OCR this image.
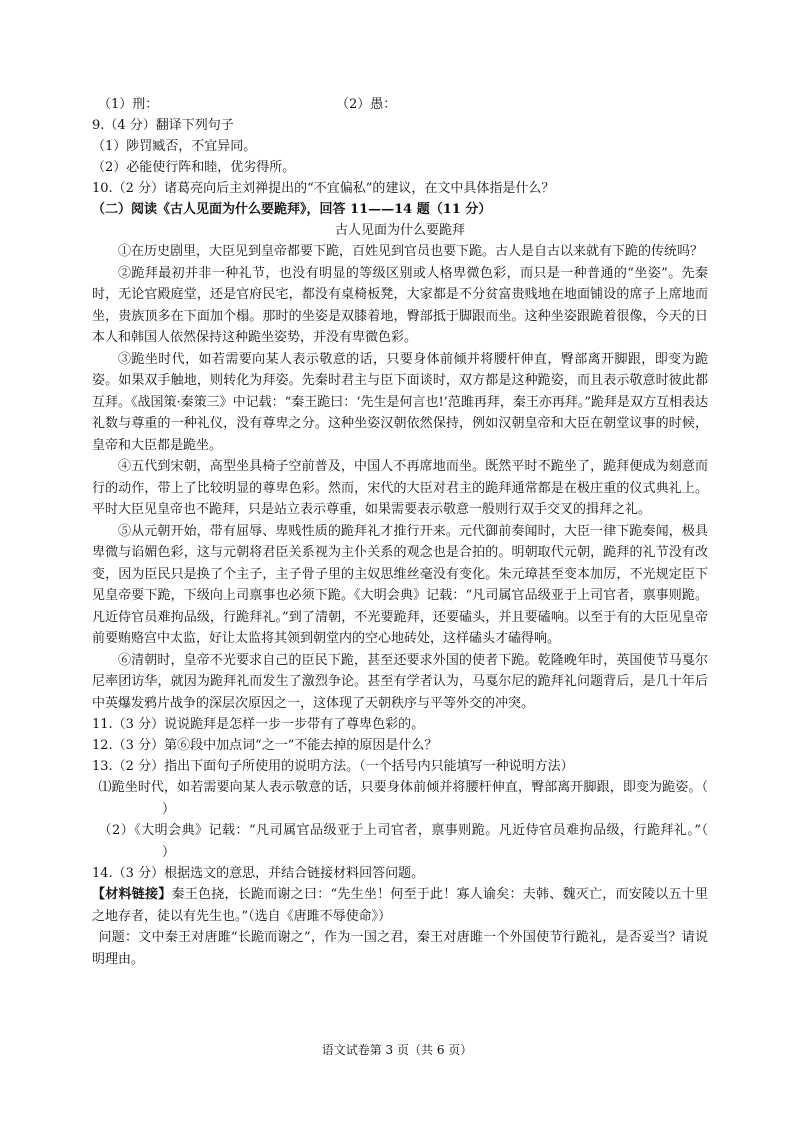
（1）刑：	（2）愚：
9.（4 分）翻译下列句子
（1）陟罚臧否，不宜异同。
（2）必能使行阵和睦，优劣得所。
10.（2 分）诸葛亮向后主刘禅提出的“不宜偏私”的建议，在文中具体指是什么？
（二）阅读《古人见面为什么要跪拜》，回答 11——14 题（11 分）
古人见面为什么要跪拜
①在历史剧里，大臣见到皇帝都要下跪，百姓见到官员也要下跪。古人是自古以来就有下跪的传统吗？
②跪拜最初并非一种礼节，也没有明显的等级区别或人格卑微色彩，而只是一种普通的“坐姿”。先秦时，无论官殿庭堂，还是官府民宅，都没有桌椅板凳，大家都是不分贫富贵贱地在地面铺设的席子上席地而坐，贵族顶多在下面加个榻。那时的坐姿是双膝着地，臀部抵于脚跟而坐。这种坐姿跟跪着很像，今天的日本人和韩国人依然保持这种跪坐姿势，并没有卑微色彩。
③跪坐时代，如若需要向某人表示敬意的话，只要身体前倾并将腰杆伸直，臀部离开脚跟，即变为跪姿。如果双手触地，则转化为拜姿。先秦时君主与臣下面谈时，双方都是这种跪姿，而且表示敬意时彼此都互拜。《战国策·秦策三》中记载：“秦王跪曰：‘先生是何言也!’范雎再拜，秦王亦再拜。”跪拜是双方互相表达礼数与尊重的一种礼仪，没有尊卑之分。这种坐姿汉朝依然保持，例如汉朝皇帝和大臣在朝堂议事的时候，皇帝和大臣都是跪坐。
④五代到宋朝，高型坐具椅子空前普及，中国人不再席地而坐。既然平时不跪坐了，跪拜便成为刻意而行的动作，带上了比较明显的尊卑色彩。然而，宋代的大臣对君主的跪拜通常都是在极庄重的仪式典礼上。平时大臣见皇帝也不跪拜，只是站立表示尊重，如果需要表示敬意一般则行双手交叉的揖拜之礼。
⑤从元朝开始，带有屈辱、卑贱性质的跪拜礼才推行开来。元代御前奏闻时，大臣一律下跪奏闻，极具卑微与谄媚色彩，这与元朝将君臣关系视为主仆关系的观念也是合拍的。明朝取代元朝，跪拜的礼节没有改变，因为臣民只是换了个主子，主子骨子里的主奴思维丝毫没有变化。朱元璋甚至变本加厉，不光规定臣下见皇帝要下跪，下级向上司禀事也必须下跪。《大明会典》记载：“凡司属官品级亚于上司官者，禀事则跪。凡近侍官员难拘品级，行跪拜礼。”到了清朝，不光要跪拜，还要磕头，并且要磕响。以至于有的大臣见皇帝前要贿赂宫中太监，好让太监将其领到朝堂内的空心地砖处，这样磕头才磕得响。
⑥清朝时，皇帝不光要求自己的臣民下跪，甚至还要求外国的使者下跪。乾隆晚年时，英国使节马戛尔尼率团访华，就因为跪拜礼而发生了激烈争论。甚至有学者认为，马戛尔尼的跪拜礼问题背后，是几十年后中英爆发鸦片战争的深层次原因之一，这体现了天朝秩序与平等外交的冲突。
11.（3 分）说说跪拜是怎样一步一步带有了尊卑色彩的。
12.（3 分）第⑥段中加点词“之一”不能去掉的原因是什么？
13.（2 分）指出下面句子所使用的说明方法。（一个括号内只能填写一种说明方法）
⑴跪坐时代，如若需要向某人表示敬意的话，只要身体前倾并将腰杆伸直，臀部离开脚跟，即变为跪姿。（）
（2）《大明会典》记载：“凡司属官品级亚于上司官者，禀事则跪。凡近侍官员难拘品级，行跪拜礼。”（）
14.（3 分）根据选文的意思，并结合链接材料回答问题。
【材料链接】秦王色挠，长跪而谢之曰：“先生坐！何至于此！寡人谕矣：夫韩、魏灭亡，而安陵以五十里之地存者，徒以有先生也。”（选自《唐雎不辱使命》）
问题：文中秦王对唐雎“长跪而谢之”，作为一国之君，秦王对唐雎一个外国使节行跪礼，是否妥当？请说明理由。
语文试卷第 3 页（共 6 页）
